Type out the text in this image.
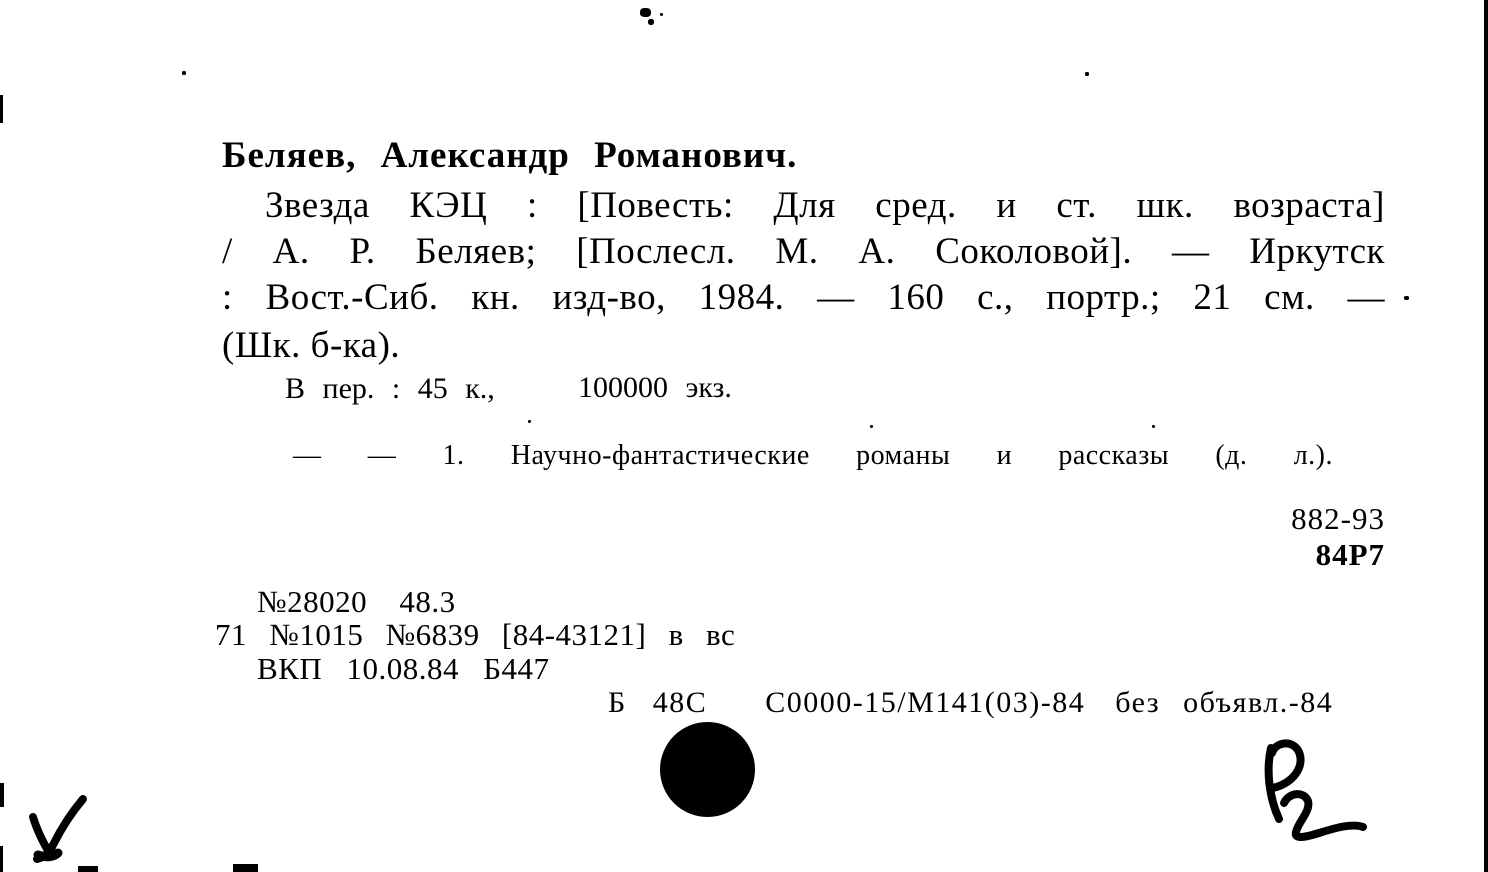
Беляев, Александр Романович.
Звезда КЭЦ : [Повесть: Для сред. и ст. шк. возраста]
/ А. Р. Беляев; [Послесл. М. А. Соколовой]. — Иркутск
: Вост.-Сиб. кн. изд-во, 1984. — 160 с., портр.; 21 см. —
(Шк. б-ка).
В пер. : 45 к.,	100000 экз.
— — 1. Научно-фантастические романы и рассказы (д. л.).
882-93
84Р7
№28020 48.3
71 №1015 №6839 [84-43121] в вс
ВКП 10.08.84 Б447
Б 48С С0000-15/М141(03)-84 без объявл.-84
